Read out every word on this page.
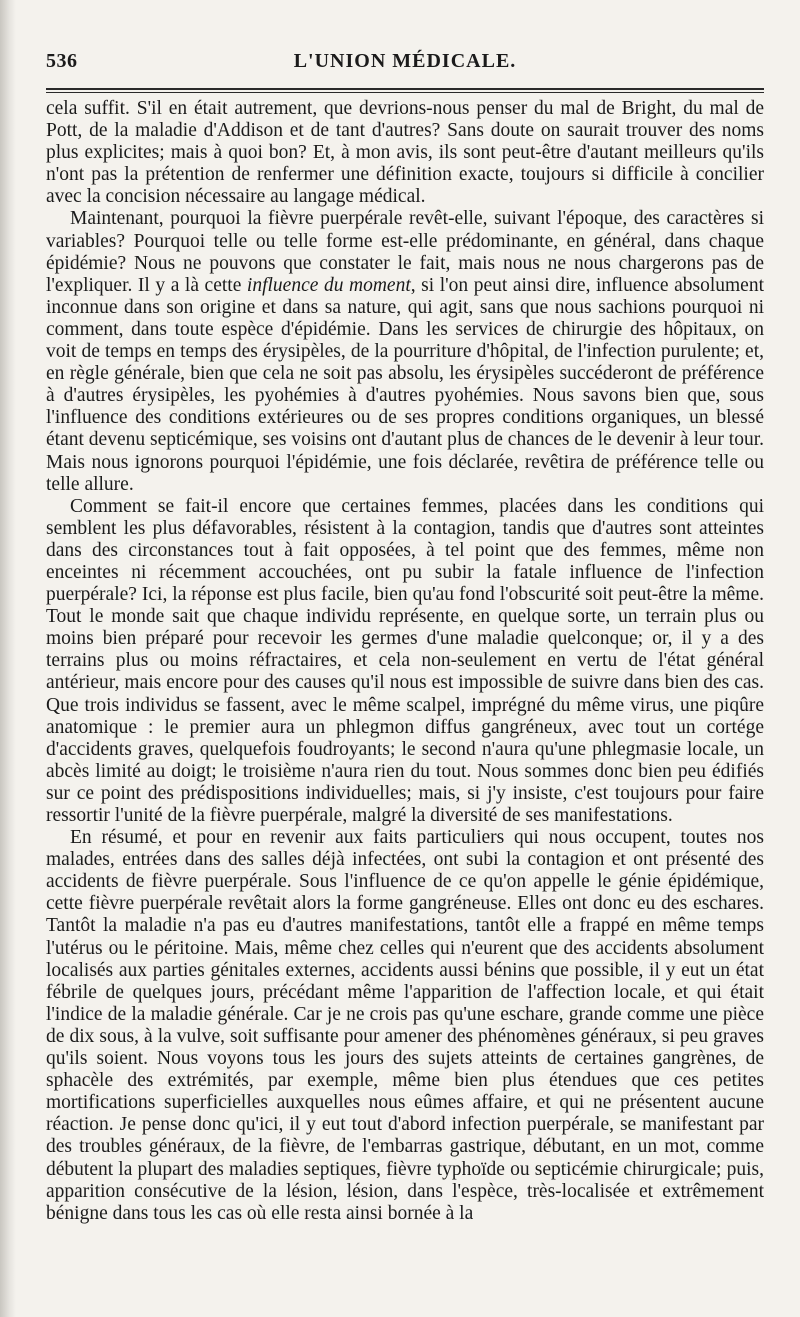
536	L'UNION MÉDICALE.

cela suffit. S'il en était autrement, que devrions-nous penser du mal de Bright, du mal de Pott, de la maladie d'Addison et de tant d'autres? Sans doute on saurait trouver des noms plus explicites; mais à quoi bon? Et, à mon avis, ils sont peut-être d'autant meilleurs qu'ils n'ont pas la prétention de renfermer une définition exacte, toujours si difficile à concilier avec la concision nécessaire au langage médical.

Maintenant, pourquoi la fièvre puerpérale revêt-elle, suivant l'époque, des caractères si variables? Pourquoi telle ou telle forme est-elle prédominante, en général, dans chaque épidémie? Nous ne pouvons que constater le fait, mais nous ne nous chargerons pas de l'expliquer. Il y a là cette influence du moment, si l'on peut ainsi dire, influence absolument inconnue dans son origine et dans sa nature, qui agit, sans que nous sachions pourquoi ni comment, dans toute espèce d'épidémie. Dans les services de chirurgie des hôpitaux, on voit de temps en temps des érysipèles, de la pourriture d'hôpital, de l'infection purulente; et, en règle générale, bien que cela ne soit pas absolu, les érysipèles succéderont de préférence à d'autres érysipèles, les pyohémies à d'autres pyohémies. Nous savons bien que, sous l'influence des conditions extérieures ou de ses propres conditions organiques, un blessé étant devenu septicémique, ses voisins ont d'autant plus de chances de le devenir à leur tour. Mais nous ignorons pourquoi l'épidémie, une fois déclarée, revêtira de préférence telle ou telle allure.

Comment se fait-il encore que certaines femmes, placées dans les conditions qui semblent les plus défavorables, résistent à la contagion, tandis que d'autres sont atteintes dans des circonstances tout à fait opposées, à tel point que des femmes, même non enceintes ni récemment accouchées, ont pu subir la fatale influence de l'infection puerpérale? Ici, la réponse est plus facile, bien qu'au fond l'obscurité soit peut-être la même. Tout le monde sait que chaque individu représente, en quelque sorte, un terrain plus ou moins bien préparé pour recevoir les germes d'une maladie quelconque; or, il y a des terrains plus ou moins réfractaires, et cela non-seulement en vertu de l'état général antérieur, mais encore pour des causes qu'il nous est impossible de suivre dans bien des cas. Que trois individus se fassent, avec le même scalpel, imprégné du même virus, une piqûre anatomique : le premier aura un phlegmon diffus gangréneux, avec tout un cortége d'accidents graves, quelquefois foudroyants; le second n'aura qu'une phlegmasie locale, un abcès limité au doigt; le troisième n'aura rien du tout. Nous sommes donc bien peu édifiés sur ce point des prédispositions individuelles; mais, si j'y insiste, c'est toujours pour faire ressortir l'unité de la fièvre puerpérale, malgré la diversité de ses manifestations.

En résumé, et pour en revenir aux faits particuliers qui nous occupent, toutes nos malades, entrées dans des salles déjà infectées, ont subi la contagion et ont présenté des accidents de fièvre puerpérale. Sous l'influence de ce qu'on appelle le génie épidémique, cette fièvre puerpérale revêtait alors la forme gangréneuse. Elles ont donc eu des eschares. Tantôt la maladie n'a pas eu d'autres manifestations, tantôt elle a frappé en même temps l'utérus ou le péritoine. Mais, même chez celles qui n'eurent que des accidents absolument localisés aux parties génitales externes, accidents aussi bénins que possible, il y eut un état fébrile de quelques jours, précédant même l'apparition de l'affection locale, et qui était l'indice de la maladie générale. Car je ne crois pas qu'une eschare, grande comme une pièce de dix sous, à la vulve, soit suffisante pour amener des phénomènes généraux, si peu graves qu'ils soient. Nous voyons tous les jours des sujets atteints de certaines gangrènes, de sphacèle des extrémités, par exemple, même bien plus étendues que ces petites mortifications superficielles auxquelles nous eûmes affaire, et qui ne présentent aucune réaction. Je pense donc qu'ici, il y eut tout d'abord infection puerpérale, se manifestant par des troubles généraux, de la fièvre, de l'embarras gastrique, débutant, en un mot, comme débutent la plupart des maladies septiques, fièvre typhoïde ou septicémie chirurgicale; puis, apparition consécutive de la lésion, lésion, dans l'espèce, très-localisée et extrêmement bénigne dans tous les cas où elle resta ainsi bornée à la
